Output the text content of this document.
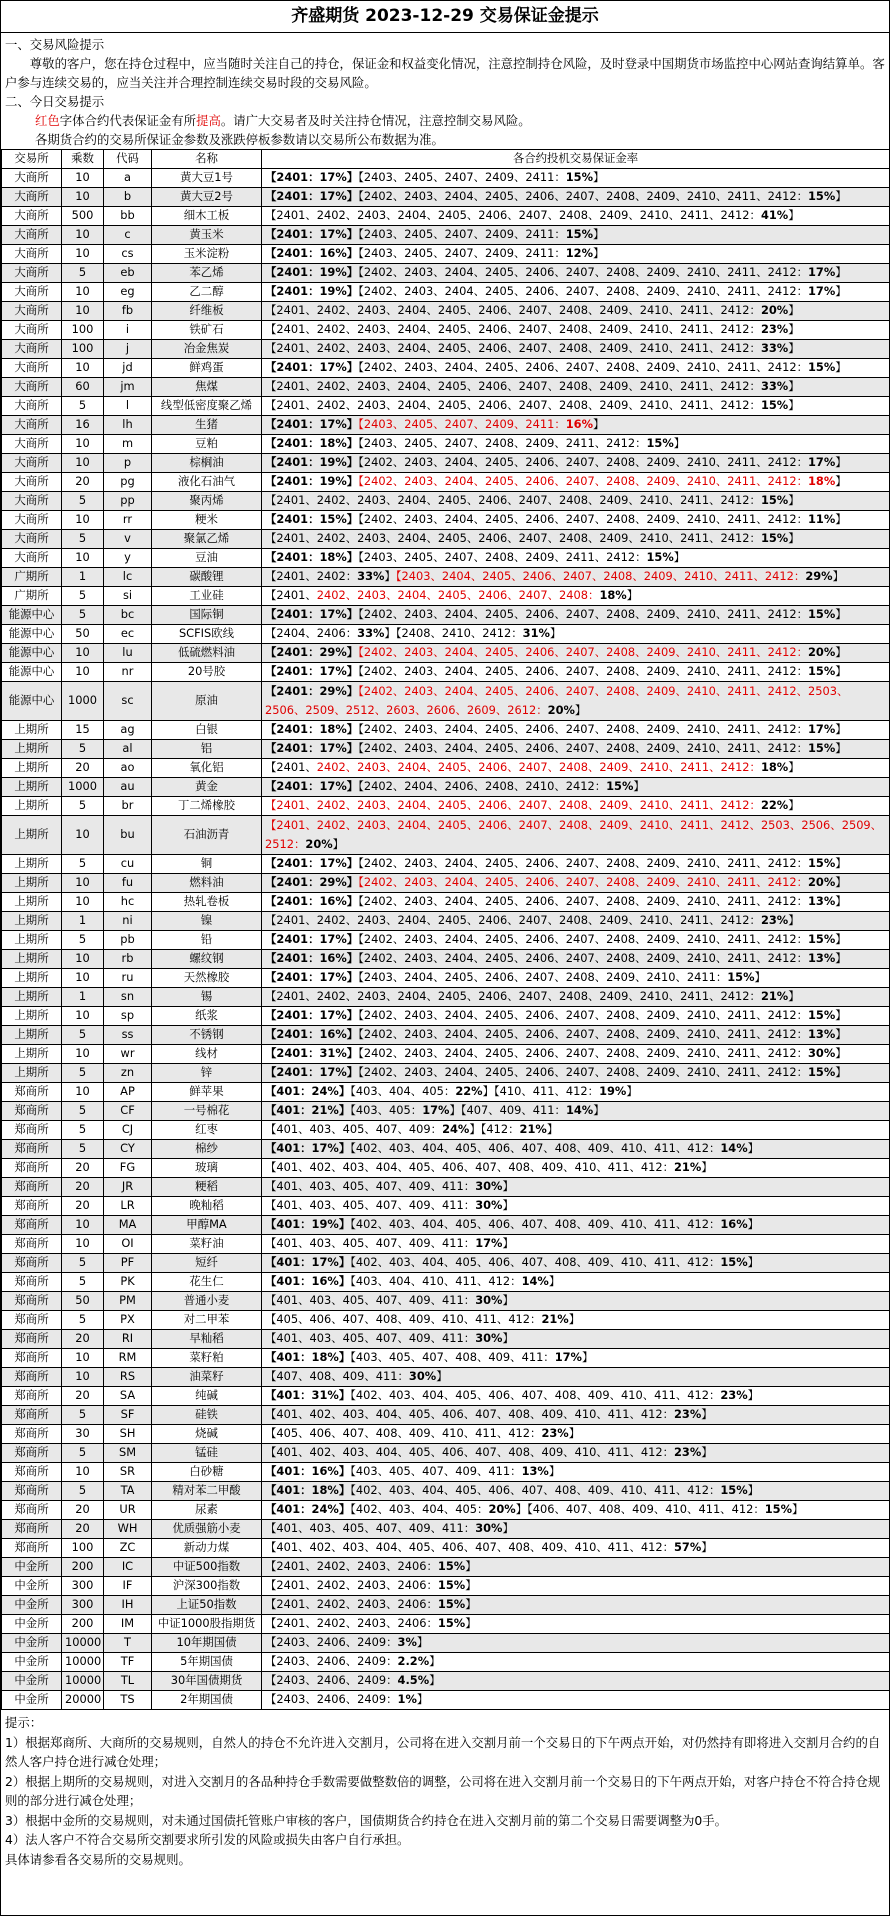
齐盛期货 2023-12-29 交易保证金提示
一、交易风险提示
尊敬的客户，您在持仓过程中，应当随时关注自己的持仓，保证金和权益变化情况，注意控制持仓风险，及时登录中国期货市场监控中心网站查询结算单。客户参与连续交易的，应当关注并合理控制连续交易时段的交易风险。
二、今日交易提示
红色字体合约代表保证金有所提高。请广大交易者及时关注持仓情况，注意控制交易风险。
各期货合约的交易所保证金参数及涨跌停板参数请以交易所公布数据为准。
交易所	乘数	代码	名称	各合约投机交易保证金率
大商所	10	a	黄大豆1号	【2401：17%】【2403、2405、2407、2409、2411：15%】
大商所	10	b	黄大豆2号	【2401：17%】【2402、2403、2404、2405、2406、2407、2408、2409、2410、2411、2412：15%】
大商所	500	bb	细木工板	【2401、2402、2403、2404、2405、2406、2407、2408、2409、2410、2411、2412：41%】
大商所	10	c	黄玉米	【2401：17%】【2403、2405、2407、2409、2411：15%】
大商所	10	cs	玉米淀粉	【2401：16%】【2403、2405、2407、2409、2411：12%】
大商所	5	eb	苯乙烯	【2401：19%】【2402、2403、2404、2405、2406、2407、2408、2409、2410、2411、2412：17%】
大商所	10	eg	乙二醇	【2401：19%】【2402、2403、2404、2405、2406、2407、2408、2409、2410、2411、2412：17%】
大商所	10	fb	纤维板	【2401、2402、2403、2404、2405、2406、2407、2408、2409、2410、2411、2412：20%】
大商所	100	i	铁矿石	【2401、2402、2403、2404、2405、2406、2407、2408、2409、2410、2411、2412：23%】
大商所	100	j	冶金焦炭	【2401、2402、2403、2404、2405、2406、2407、2408、2409、2410、2411、2412：33%】
大商所	10	jd	鲜鸡蛋	【2401：17%】【2402、2403、2404、2405、2406、2407、2408、2409、2410、2411、2412：15%】
大商所	60	jm	焦煤	【2401、2402、2403、2404、2405、2406、2407、2408、2409、2410、2411、2412：33%】
大商所	5	l	线型低密度聚乙烯	【2401、2402、2403、2404、2405、2406、2407、2408、2409、2410、2411、2412：15%】
大商所	16	lh	生猪	【2401：17%】【2403、2405、2407、2409、2411：16%】
大商所	10	m	豆粕	【2401：18%】【2403、2405、2407、2408、2409、2411、2412：15%】
大商所	10	p	棕榈油	【2401：19%】【2402、2403、2404、2405、2406、2407、2408、2409、2410、2411、2412：17%】
大商所	20	pg	液化石油气	【2401：19%】【2402、2403、2404、2405、2406、2407、2408、2409、2410、2411、2412：18%】
大商所	5	pp	聚丙烯	【2401、2402、2403、2404、2405、2406、2407、2408、2409、2410、2411、2412：15%】
大商所	10	rr	粳米	【2401：15%】【2402、2403、2404、2405、2406、2407、2408、2409、2410、2411、2412：11%】
大商所	5	v	聚氯乙烯	【2401、2402、2403、2404、2405、2406、2407、2408、2409、2410、2411、2412：15%】
大商所	10	y	豆油	【2401：18%】【2403、2405、2407、2408、2409、2411、2412：15%】
广期所	1	lc	碳酸锂	【2401、2402：33%】【2403、2404、2405、2406、2407、2408、2409、2410、2411、2412：29%】
广期所	5	si	工业硅	【2401、2402、2403、2404、2405、2406、2407、2408：18%】
能源中心	5	bc	国际铜	【2401：17%】【2402、2403、2404、2405、2406、2407、2408、2409、2410、2411、2412：15%】
能源中心	50	ec	SCFIS欧线	【2404、2406：33%】【2408、2410、2412：31%】
能源中心	10	lu	低硫燃料油	【2401：29%】【2402、2403、2404、2405、2406、2407、2408、2409、2410、2411、2412：20%】
能源中心	10	nr	20号胶	【2401：17%】【2402、2403、2404、2405、2406、2407、2408、2409、2410、2411、2412：15%】
能源中心	1000	sc	原油	【2401：29%】【2402、2403、2404、2405、2406、2407、2408、2409、2410、2411、2412、2503、2506、2509、2512、2603、2606、2609、2612：20%】
上期所	15	ag	白银	【2401：18%】【2402、2403、2404、2405、2406、2407、2408、2409、2410、2411、2412：17%】
上期所	5	al	铝	【2401：17%】【2402、2403、2404、2405、2406、2407、2408、2409、2410、2411、2412：15%】
上期所	20	ao	氧化铝	【2401、2402、2403、2404、2405、2406、2407、2408、2409、2410、2411、2412：18%】
上期所	1000	au	黄金	【2401：17%】【2402、2404、2406、2408、2410、2412：15%】
上期所	5	br	丁二烯橡胶	【2401、2402、2403、2404、2405、2406、2407、2408、2409、2410、2411、2412：22%】
上期所	10	bu	石油沥青	【2401、2402、2403、2404、2405、2406、2407、2408、2409、2410、2411、2412、2503、2506、2509、2512：20%】
上期所	5	cu	铜	【2401：17%】【2402、2403、2404、2405、2406、2407、2408、2409、2410、2411、2412：15%】
上期所	10	fu	燃料油	【2401：29%】【2402、2403、2404、2405、2406、2407、2408、2409、2410、2411、2412：20%】
上期所	10	hc	热轧卷板	【2401：16%】【2402、2403、2404、2405、2406、2407、2408、2409、2410、2411、2412：13%】
上期所	1	ni	镍	【2401、2402、2403、2404、2405、2406、2407、2408、2409、2410、2411、2412：23%】
上期所	5	pb	铅	【2401：17%】【2402、2403、2404、2405、2406、2407、2408、2409、2410、2411、2412：15%】
上期所	10	rb	螺纹钢	【2401：16%】【2402、2403、2404、2405、2406、2407、2408、2409、2410、2411、2412：13%】
上期所	10	ru	天然橡胶	【2401：17%】【2403、2404、2405、2406、2407、2408、2409、2410、2411：15%】
上期所	1	sn	锡	【2401、2402、2403、2404、2405、2406、2407、2408、2409、2410、2411、2412：21%】
上期所	10	sp	纸浆	【2401：17%】【2402、2403、2404、2405、2406、2407、2408、2409、2410、2411、2412：15%】
上期所	5	ss	不锈钢	【2401：16%】【2402、2403、2404、2405、2406、2407、2408、2409、2410、2411、2412：13%】
上期所	10	wr	线材	【2401：31%】【2402、2403、2404、2405、2406、2407、2408、2409、2410、2411、2412：30%】
上期所	5	zn	锌	【2401：17%】【2402、2403、2404、2405、2406、2407、2408、2409、2410、2411、2412：15%】
郑商所	10	AP	鲜苹果	【401：24%】【403、404、405：22%】【410、411、412：19%】
郑商所	5	CF	一号棉花	【401：21%】【403、405：17%】【407、409、411：14%】
郑商所	5	CJ	红枣	【401、403、405、407、409：24%】【412：21%】
郑商所	5	CY	棉纱	【401：17%】【402、403、404、405、406、407、408、409、410、411、412：14%】
郑商所	20	FG	玻璃	【401、402、403、404、405、406、407、408、409、410、411、412：21%】
郑商所	20	JR	粳稻	【401、403、405、407、409、411：30%】
郑商所	20	LR	晚籼稻	【401、403、405、407、409、411：30%】
郑商所	10	MA	甲醇MA	【401：19%】【402、403、404、405、406、407、408、409、410、411、412：16%】
郑商所	10	OI	菜籽油	【401、403、405、407、409、411：17%】
郑商所	5	PF	短纤	【401：17%】【402、403、404、405、406、407、408、409、410、411、412：15%】
郑商所	5	PK	花生仁	【401：16%】【403、404、410、411、412：14%】
郑商所	50	PM	普通小麦	【401、403、405、407、409、411：30%】
郑商所	5	PX	对二甲苯	【405、406、407、408、409、410、411、412：21%】
郑商所	20	RI	早籼稻	【401、403、405、407、409、411：30%】
郑商所	10	RM	菜籽粕	【401：18%】【403、405、407、408、409、411：17%】
郑商所	10	RS	油菜籽	【407、408、409、411：30%】
郑商所	20	SA	纯碱	【401：31%】【402、403、404、405、406、407、408、409、410、411、412：23%】
郑商所	5	SF	硅铁	【401、402、403、404、405、406、407、408、409、410、411、412：23%】
郑商所	30	SH	烧碱	【405、406、407、408、409、410、411、412：23%】
郑商所	5	SM	锰硅	【401、402、403、404、405、406、407、408、409、410、411、412：23%】
郑商所	10	SR	白砂糖	【401：16%】【403、405、407、409、411：13%】
郑商所	5	TA	精对苯二甲酸	【401：18%】【402、403、404、405、406、407、408、409、410、411、412：15%】
郑商所	20	UR	尿素	【401：24%】【402、403、404、405：20%】【406、407、408、409、410、411、412：15%】
郑商所	20	WH	优质强筋小麦	【401、403、405、407、409、411：30%】
郑商所	100	ZC	新动力煤	【401、402、403、404、405、406、407、408、409、410、411、412：57%】
中金所	200	IC	中证500指数	【2401、2402、2403、2406：15%】
中金所	300	IF	沪深300指数	【2401、2402、2403、2406：15%】
中金所	300	IH	上证50指数	【2401、2402、2403、2406：15%】
中金所	200	IM	中证1000股指期货	【2401、2402、2403、2406：15%】
中金所	10000	T	10年期国债	【2403、2406、2409：3%】
中金所	10000	TF	5年期国债	【2403、2406、2409：2.2%】
中金所	10000	TL	30年国债期货	【2403、2406、2409：4.5%】
中金所	20000	TS	2年期国债	【2403、2406、2409：1%】
提示：
1）根据郑商所、大商所的交易规则，自然人的持仓不允许进入交割月，公司将在进入交割月前一个交易日的下午两点开始，对仍然持有即将进入交割月合约的自然人客户持仓进行减仓处理；
2）根据上期所的交易规则，对进入交割月的各品种持仓手数需要做整数倍的调整，公司将在进入交割月前一个交易日的下午两点开始，对客户持仓不符合持仓规则的部分进行减仓处理；
3）根据中金所的交易规则，对未通过国债托管账户审核的客户，国债期货合约持仓在进入交割月前的第二个交易日需要调整为0手。
4）法人客户不符合交易所交割要求所引发的风险或损失由客户自行承担。
具体请参看各交易所的交易规则。
